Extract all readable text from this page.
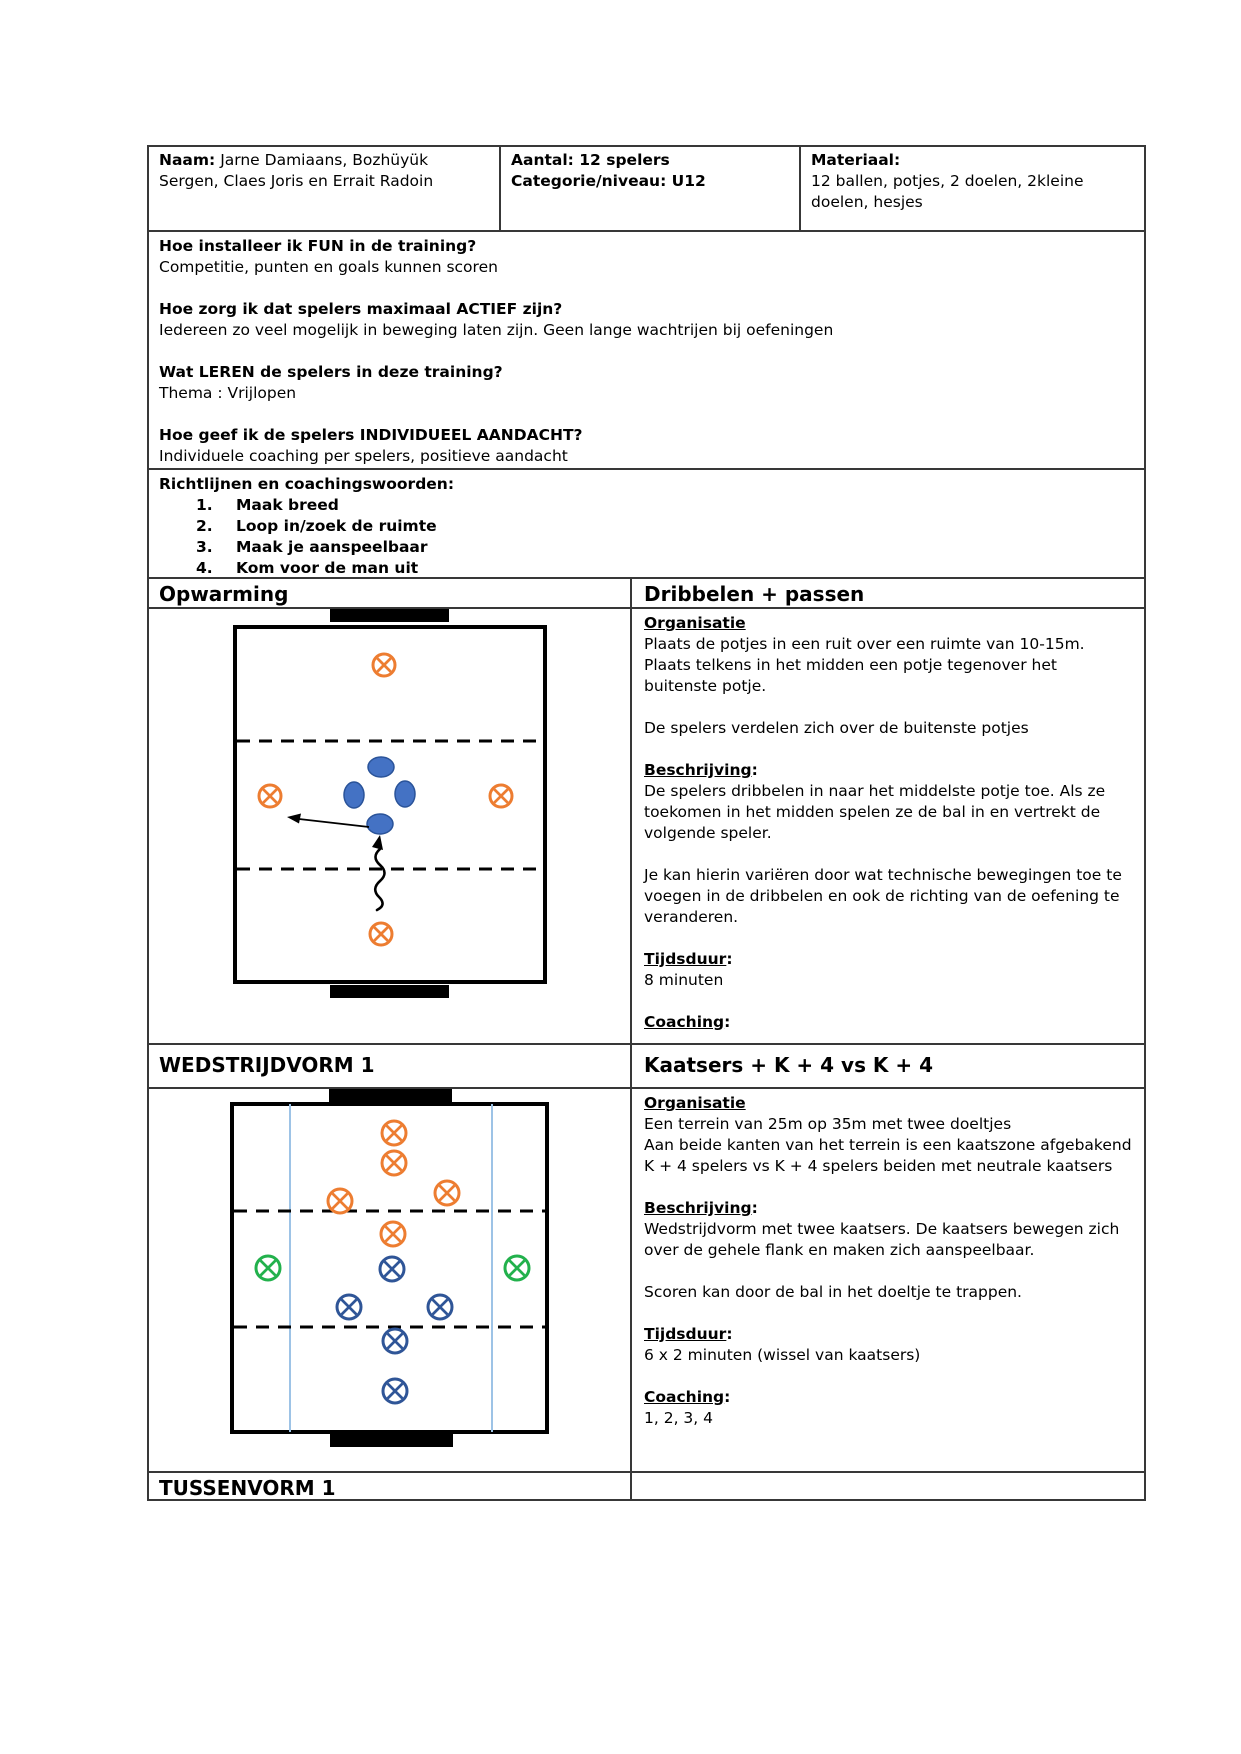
Naam: Jarne Damiaans, Bozhüyük Sergen, Claes Joris en Errait Radoin
Aantal: 12 spelers
Categorie/niveau: U12
Materiaal:
12 ballen, potjes, 2 doelen, 2kleine doelen, hesjes
Hoe installeer ik FUN in de training?
Competitie, punten en goals kunnen scoren
Hoe zorg ik dat spelers maximaal ACTIEF zijn?
Iedereen zo veel mogelijk in beweging laten zijn. Geen lange wachtrijen bij oefeningen
Wat LEREN de spelers in deze training?
Thema : Vrijlopen
Hoe geef ik de spelers INDIVIDUEEL AANDACHT?
Individuele coaching per spelers, positieve aandacht
Richtlijnen en coachingswoorden:
1.	Maak breed
2.	Loop in/zoek de ruimte
3.	Maak je aanspeelbaar
4.	Kom voor de man uit
Opwarming	Dribbelen + passen
Organisatie
Plaats de potjes in een ruit over een ruimte van 10-15m. Plaats telkens in het midden een potje tegenover het buitenste potje.
De spelers verdelen zich over de buitenste potjes
Beschrijving:
De spelers dribbelen in naar het middelste potje toe. Als ze toekomen in het midden spelen ze de bal in en vertrekt de volgende speler.
Je kan hierin variëren door wat technische bewegingen toe te voegen in de dribbelen en ook de richting van de oefening te veranderen.
Tijdsduur:
8 minuten
Coaching:
WEDSTRIJDVORM 1	Kaatsers + K + 4 vs K + 4
Organisatie
Een terrein van 25m op 35m met twee doeltjes
Aan beide kanten van het terrein is een kaatszone afgebakend
K + 4 spelers vs K + 4 spelers beiden met neutrale kaatsers
Beschrijving:
Wedstrijdvorm met twee kaatsers. De kaatsers bewegen zich over de gehele flank en maken zich aanspeelbaar.
Scoren kan door de bal in het doeltje te trappen.
Tijdsduur:
6 x 2 minuten (wissel van kaatsers)
Coaching:
1, 2, 3, 4
TUSSENVORM 1
